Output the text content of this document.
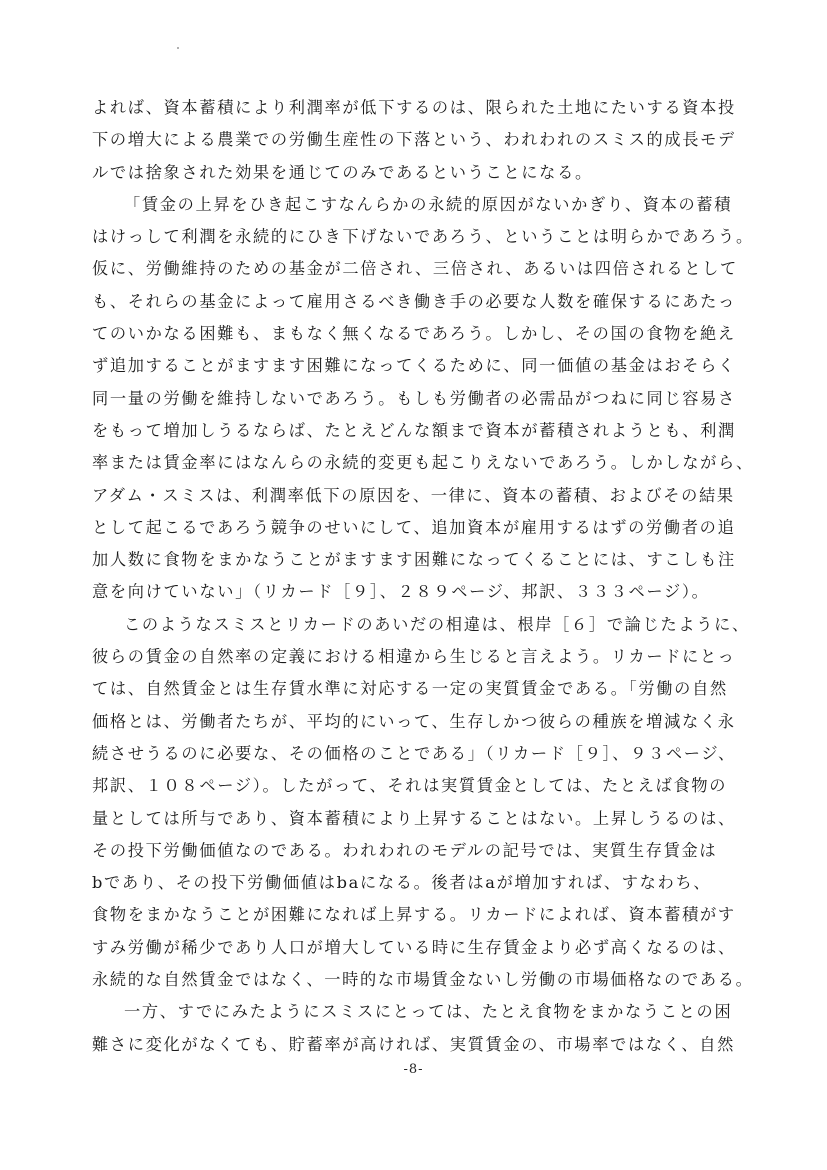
よれば、資本蓄積により利潤率が低下するのは、限られた土地にたいする資本投
下の増大による農業での労働生産性の下落という、われわれのスミス的成長モデ
ルでは捨象された効果を通じてのみであるということになる。

「賃金の上昇をひき起こすなんらかの永続的原因がないかぎり、資本の蓄積
はけっして利潤を永続的にひき下げないであろう、ということは明らかであろう。
仮に、労働維持のための基金が二倍され、三倍され、あるいは四倍されるとして
も、それらの基金によって雇用さるべき働き手の必要な人数を確保するにあたっ
てのいかなる困難も、まもなく無くなるであろう。しかし、その国の食物を絶え
ず追加することがますます困難になってくるために、同一価値の基金はおそらく
同一量の労働を維持しないであろう。もしも労働者の必需品がつねに同じ容易さ
をもって増加しうるならば、たとえどんな額まで資本が蓄積されようとも、利潤
率または賃金率にはなんらの永続的変更も起こりえないであろう。しかしながら、
アダム・スミスは、利潤率低下の原因を、一律に、資本の蓄積、およびその結果
として起こるであろう競争のせいにして、追加資本が雇用するはずの労働者の追
加人数に食物をまかなうことがますます困難になってくることには、すこしも注
意を向けていない」（リカード［９］、２８９ページ、邦訳、３３３ページ）。

このようなスミスとリカードのあいだの相違は、根岸［６］で論じたように、
彼らの賃金の自然率の定義における相違から生じると言えよう。リカードにとっ
ては、自然賃金とは生存賃水準に対応する一定の実質賃金である。「労働の自然
価格とは、労働者たちが、平均的にいって、生存しかつ彼らの種族を増減なく永
続させうるのに必要な、その価格のことである」（リカード［９］、９３ページ、
邦訳、１０８ページ）。したがって、それは実質賃金としては、たとえば食物の
量としては所与であり、資本蓄積により上昇することはない。上昇しうるのは、
その投下労働価値なのである。われわれのモデルの記号では、実質生存賃金は
bであり、その投下労働価値はbaになる。後者はaが増加すれば、すなわち、
食物をまかなうことが困難になれば上昇する。リカードによれば、資本蓄積がす
すみ労働が稀少であり人口が増大している時に生存賃金より必ず高くなるのは、
永続的な自然賃金ではなく、一時的な市場賃金ないし労働の市場価格なのである。

一方、すでにみたようにスミスにとっては、たとえ食物をまかなうことの困
難さに変化がなくても、貯蓄率が高ければ、実質賃金の、市場率ではなく、自然

-8-
